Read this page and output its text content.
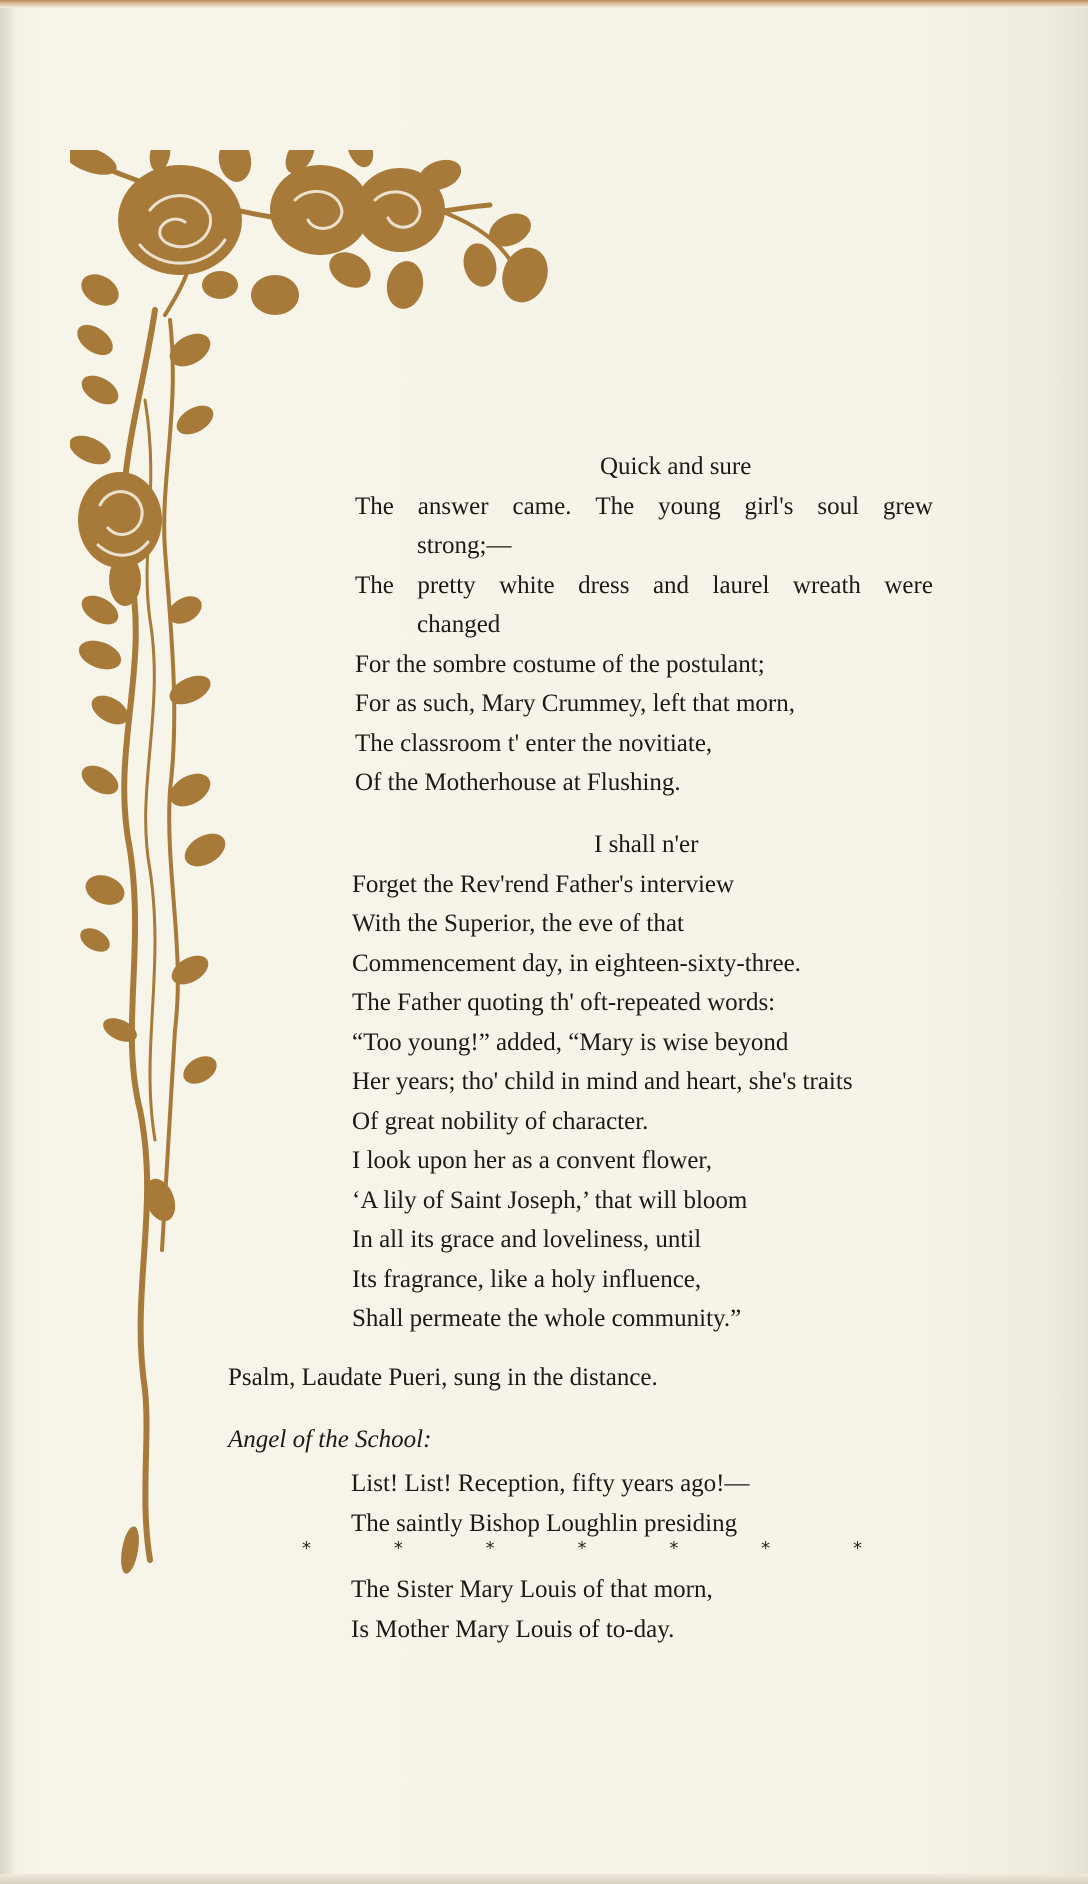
Quick and sure
The answer came. The young girl's soul grew
strong;—
The pretty white dress and laurel wreath were
changed
For the sombre costume of the postulant;
For as such, Mary Crummey, left that morn,
The classroom t' enter the novitiate,
Of the Motherhouse at Flushing.
I shall n'er
Forget the Rev'rend Father's interview
With the Superior, the eve of that
Commencement day, in eighteen-sixty-three.
The Father quoting th' oft-repeated words:
“Too young!” added, “Mary is wise beyond
Her years; tho' child in mind and heart, she's traits
Of great nobility of character.
I look upon her as a convent flower,
‘A lily of Saint Joseph,’ that will bloom
In all its grace and loveliness, until
Its fragrance, like a holy influence,
Shall permeate the whole community.”
Psalm, Laudate Pueri, sung in the distance.
Angel of the School:
List! List! Reception, fifty years ago!—
The saintly Bishop Loughlin presiding
*	*	*	*	*	*	*
The Sister Mary Louis of that morn,
Is Mother Mary Louis of to-day.
